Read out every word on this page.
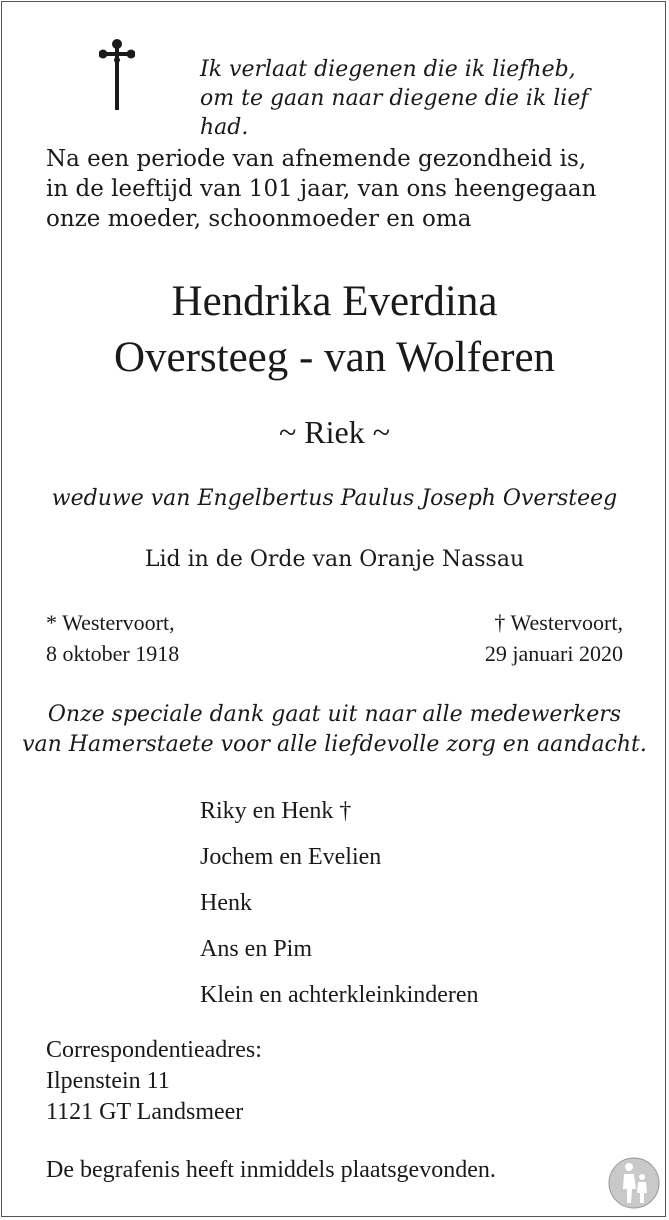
Ik verlaat diegenen die ik liefheb,
om te gaan naar diegene die ik lief had.
Na een periode van afnemende gezondheid is,
in de leeftijd van 101 jaar, van ons heengegaan
onze moeder, schoonmoeder en oma
Hendrika Everdina
Oversteeg - van Wolferen
~ Riek ~
weduwe van Engelbertus Paulus Joseph Oversteeg
Lid in de Orde van Oranje Nassau
* Westervoort,
8 oktober 1918
† Westervoort,
29 januari 2020
Onze speciale dank gaat uit naar alle medewerkers
van Hamerstaete voor alle liefdevolle zorg en aandacht.
Riky en Henk †
Jochem en Evelien
Henk
Ans en Pim
Klein en achterkleinkinderen
Correspondentieadres:
Ilpenstein 11
1121 GT Landsmeer
De begrafenis heeft inmiddels plaatsgevonden.
